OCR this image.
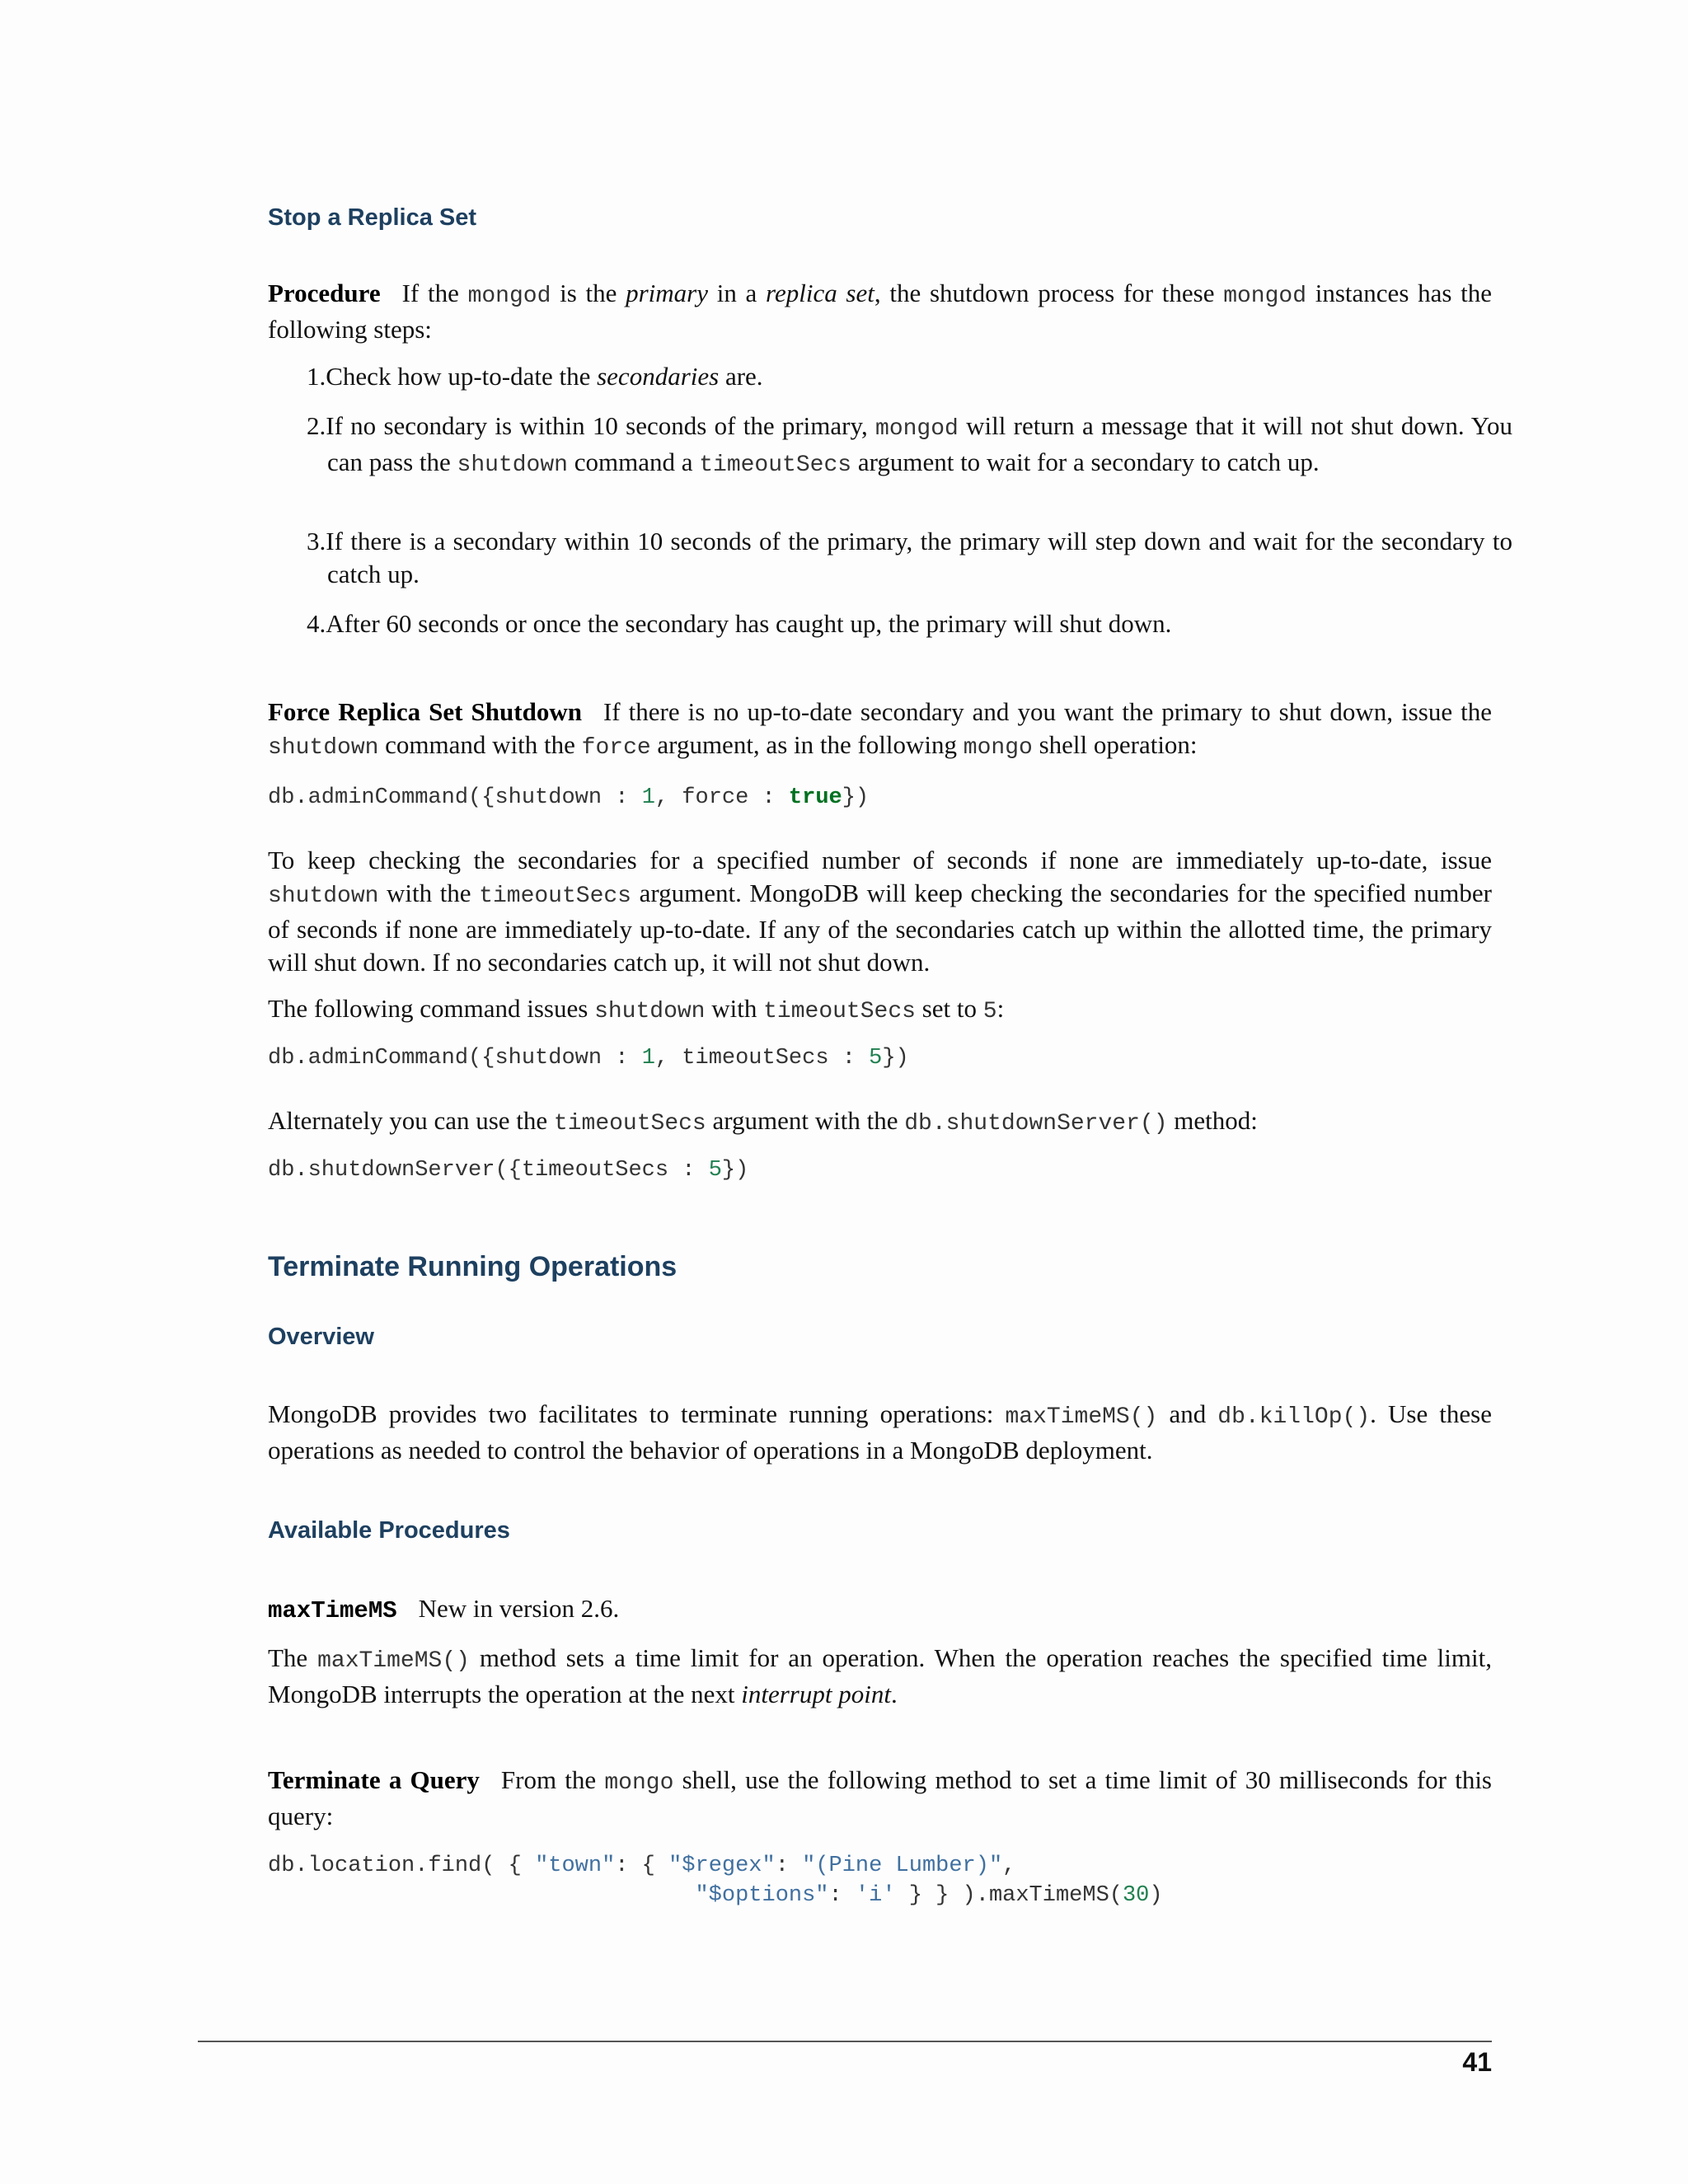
Stop a Replica Set

Procedure If the mongod is the primary in a replica set, the shutdown process for these mongod instances has the following steps:

1.Check how up-to-date the secondaries are.

2.If no secondary is within 10 seconds of the primary, mongod will return a message that it will not shut down. You can pass the shutdown command a timeoutSecs argument to wait for a secondary to catch up.

3.If there is a secondary within 10 seconds of the primary, the primary will step down and wait for the secondary to catch up.

4.After 60 seconds or once the secondary has caught up, the primary will shut down.

Force Replica Set Shutdown If there is no up-to-date secondary and you want the primary to shut down, issue the shutdown command with the force argument, as in the following mongo shell operation:

db.adminCommand({shutdown : 1, force : true})

To keep checking the secondaries for a specified number of seconds if none are immediately up-to-date, issue shutdown with the timeoutSecs argument. MongoDB will keep checking the secondaries for the specified number of seconds if none are immediately up-to-date. If any of the secondaries catch up within the allotted time, the primary will shut down. If no secondaries catch up, it will not shut down.

The following command issues shutdown with timeoutSecs set to 5:

db.adminCommand({shutdown : 1, timeoutSecs : 5})

Alternately you can use the timeoutSecs argument with the db.shutdownServer() method:

db.shutdownServer({timeoutSecs : 5})
Terminate Running Operations
Overview

MongoDB provides two facilitates to terminate running operations: maxTimeMS() and db.killOp(). Use these operations as needed to control the behavior of operations in a MongoDB deployment.

Available Procedures

maxTimeMS New in version 2.6.

The maxTimeMS() method sets a time limit for an operation. When the operation reaches the specified time limit, MongoDB interrupts the operation at the next interrupt point.

Terminate a Query From the mongo shell, use the following method to set a time limit of 30 milliseconds for this query:

db.location.find( { "town": { "$regex": "(Pine Lumber)",
"$options": 'i' } } ).maxTimeMS(30)
41
